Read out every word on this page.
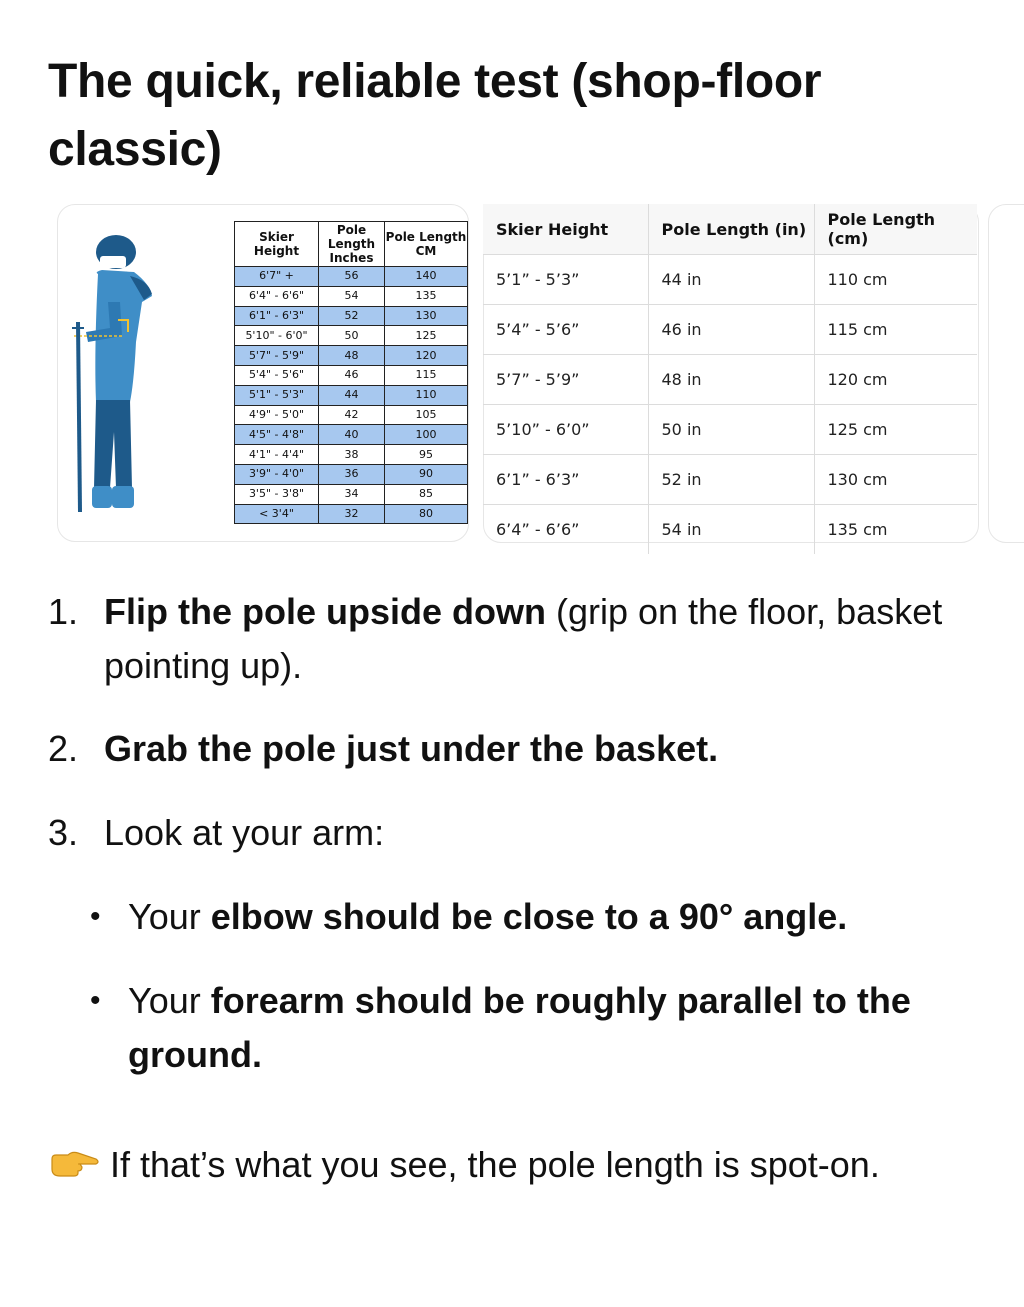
The quick, reliable test (shop-floor classic)
Skier Height	Pole Length Inches	Pole Length CM
6'7" +	56	140
6'4" - 6'6"	54	135
6'1" - 6'3"	52	130
5'10" - 6'0"	50	125
5'7" - 5'9"	48	120
5'4" - 5'6"	46	115
5'1" - 5'3"	44	110
4'9" - 5'0"	42	105
4'5" - 4'8"	40	100
4'1" - 4'4"	38	95
3'9" - 4'0"	36	90
3'5" - 3'8"	34	85
< 3'4"	32	80
Skier Height	Pole Length (in)	Pole Length (cm)
5’1” - 5’3”	44 in	110 cm
5’4” - 5’6”	46 in	115 cm
5’7” - 5’9”	48 in	120 cm
5’10” - 6’0”	50 in	125 cm
6’1” - 6’3”	52 in	130 cm
6’4” - 6’6”	54 in	135 cm
1. Flip the pole upside down (grip on the floor, basket pointing up).
2. Grab the pole just under the basket.
3. Look at your arm:
• Your elbow should be close to a 90° angle.
• Your forearm should be roughly parallel to the ground.
If that’s what you see, the pole length is spot-on.
